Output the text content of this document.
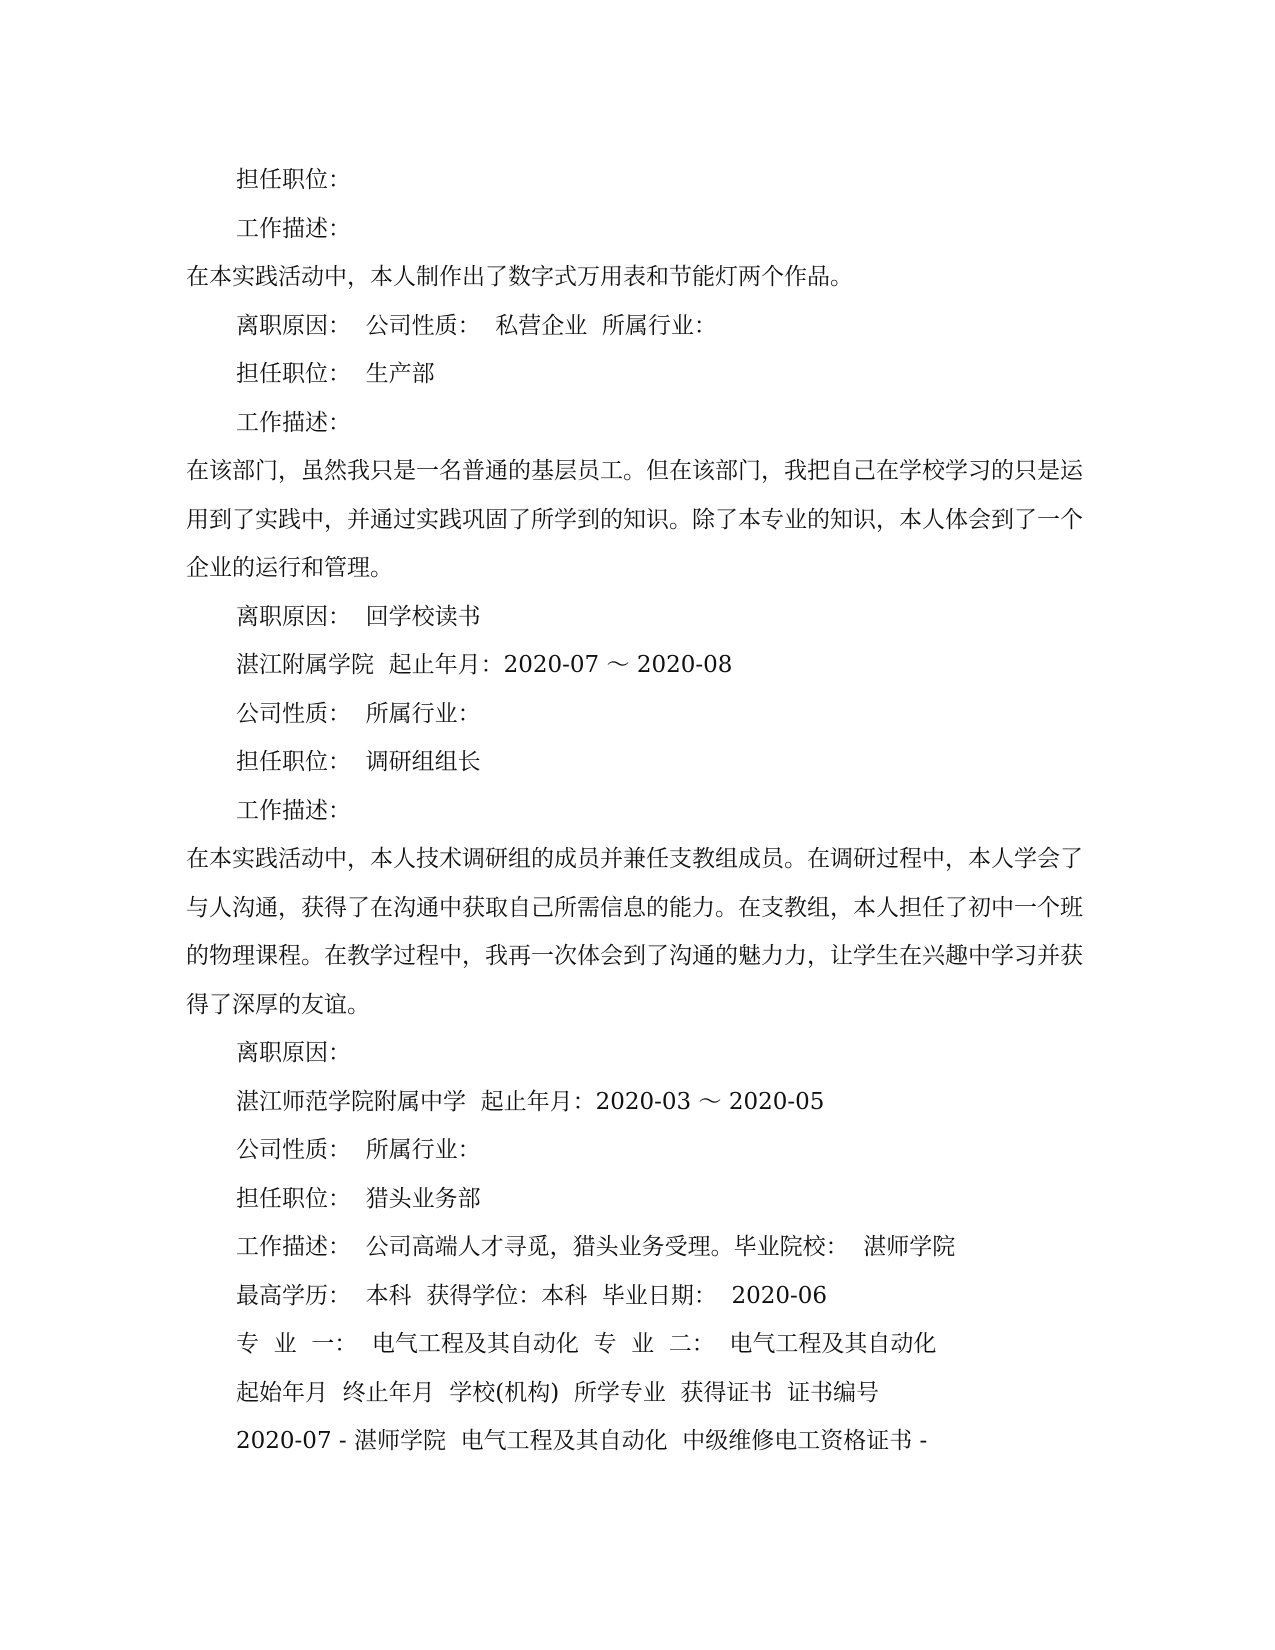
担任职位：
工作描述：
在本实践活动中，本人制作出了数字式万用表和节能灯两个作品。
离职原因：  公司性质：  私营企业  所属行业：
担任职位：  生产部
工作描述：
在该部门，虽然我只是一名普通的基层员工。但在该部门，我把自己在学校学习的只是运用到了实践中，并通过实践巩固了所学到的知识。除了本专业的知识，本人体会到了一个企业的运行和管理。
离职原因：  回学校读书
湛江附属学院  起止年月：2020-07 ～ 2020-08
公司性质：  所属行业：
担任职位：  调研组组长
工作描述：
在本实践活动中，本人技术调研组的成员并兼任支教组成员。在调研过程中，本人学会了与人沟通，获得了在沟通中获取自己所需信息的能力。在支教组，本人担任了初中一个班的物理课程。在教学过程中，我再一次体会到了沟通的魅力力，让学生在兴趣中学习并获得了深厚的友谊。
离职原因：
湛江师范学院附属中学  起止年月：2020-03 ～ 2020-05
公司性质：  所属行业：
担任职位：  猎头业务部
工作描述：  公司高端人才寻觅，猎头业务受理。毕业院校：  湛师学院
最高学历：  本科  获得学位：本科  毕业日期：  2020-06
专  业  一：  电气工程及其自动化  专  业  二：  电气工程及其自动化
起始年月  终止年月  学校(机构)  所学专业  获得证书  证书编号
2020-07 - 湛师学院  电气工程及其自动化  中级维修电工资格证书 -
